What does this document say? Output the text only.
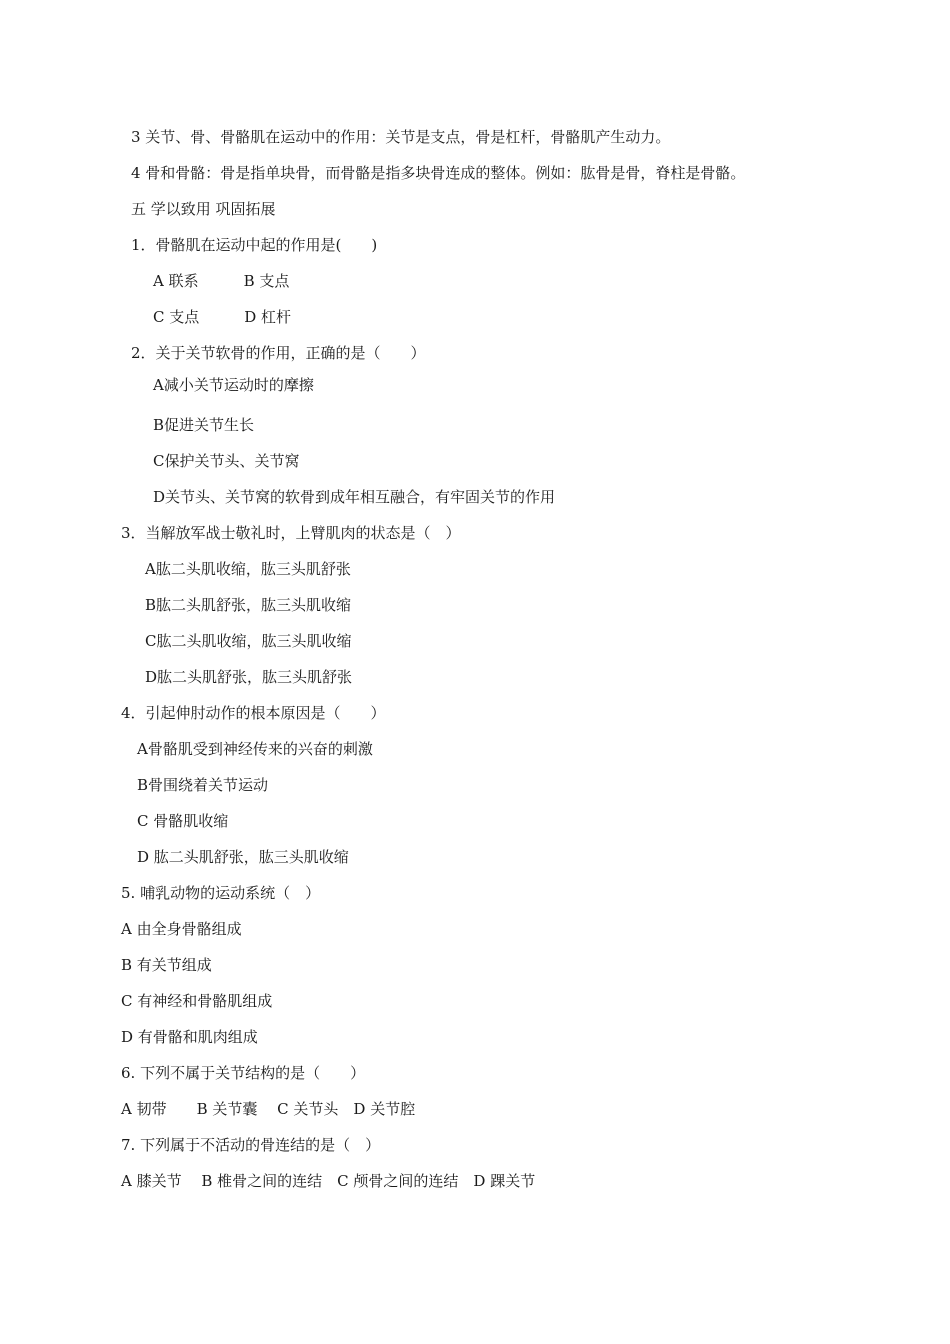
3 关节、骨、骨骼肌在运动中的作用：关节是支点，骨是杠杆，骨骼肌产生动力。
4 骨和骨骼：骨是指单块骨，而骨骼是指多块骨连成的整体。例如：肱骨是骨，脊柱是骨骼。
五 学以致用 巩固拓展
1．骨骼肌在运动中起的作用是(　　)
A 联系　　　B 支点
C 支点　　　D 杠杆
2．关于关节软骨的作用，正确的是（　　）
A减小关节运动时的摩擦
B促进关节生长
C保护关节头、关节窝
D关节头、关节窝的软骨到成年相互融合，有牢固关节的作用
3．当解放军战士敬礼时，上臂肌肉的状态是（　）
A肱二头肌收缩，肱三头肌舒张
B肱二头肌舒张，肱三头肌收缩
C肱二头肌收缩，肱三头肌收缩
D肱二头肌舒张，肱三头肌舒张
4．引起伸肘动作的根本原因是（　　）
A骨骼肌受到神经传来的兴奋的刺激
B骨围绕着关节运动
C 骨骼肌收缩
D 肱二头肌舒张，肱三头肌收缩
5. 哺乳动物的运动系统（　）
A 由全身骨骼组成
B 有关节组成
C 有神经和骨骼肌组成
D 有骨骼和肌肉组成
6. 下列不属于关节结构的是（　　）
A 韧带　　B 关节囊　 C 关节头　D 关节腔
7. 下列属于不活动的骨连结的是（　）
A 膝关节　 B 椎骨之间的连结　C 颅骨之间的连结　D 踝关节
